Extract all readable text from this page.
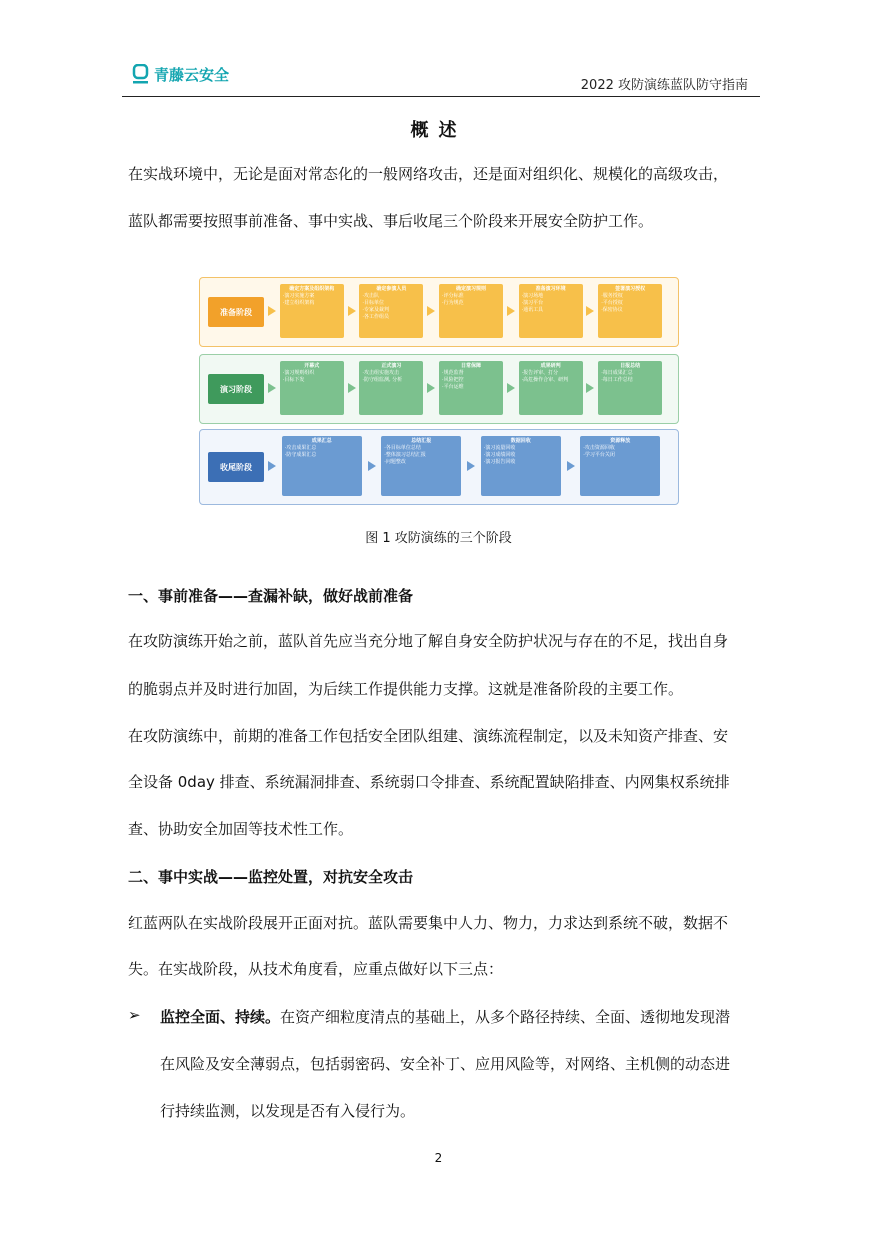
青藤云安全
2022 攻防演练蓝队防守指南
概述
在实战环境中，无论是面对常态化的一般网络攻击，还是面对组织化、规模化的高级攻击，
蓝队都需要按照事前准备、事中实战、事后收尾三个阶段来开展安全防护工作。
准备阶段
确定方案及组织架构
·演习实施方案
·建立组织架构
确定参演人员
·攻击队
·目标单位
·专家及裁判
·各工作组员
确定演习规则
·评分标准
·行为规范
准备演习环境
·演习场地
·演习平台
·通讯工具
签署演习授权
·服务授权
·平台授权
·保密协议
演习阶段
开幕式
·演习规则组织
·目标下发
正式演习
·攻击组实施攻击
·防守组监测, 分析
日常保障
·规范监督
·风险把控
·平台运维
成果研判
·报告评审、打分
·高危操作合审、研判
日报总结
·每日成果汇总
·每日工作总结
收尾阶段
成果汇总
·攻击成果汇总
·防守成果汇总
总结汇报
·各目标单位总结
·整体演习总结汇报
·问题整改
数据回收
·演习流量回收
·演习成绩回收
·演习报告回收
资源释放
·攻击资源回收
·学习平台关闭
图 1 攻防演练的三个阶段
一、事前准备——查漏补缺，做好战前准备
在攻防演练开始之前，蓝队首先应当充分地了解自身安全防护状况与存在的不足，找出自身
的脆弱点并及时进行加固，为后续工作提供能力支撑。这就是准备阶段的主要工作。
在攻防演练中，前期的准备工作包括安全团队组建、演练流程制定，以及未知资产排查、安
全设备 0day 排查、系统漏洞排查、系统弱口令排查、系统配置缺陷排查、内网集权系统排
查、协助安全加固等技术性工作。
二、事中实战——监控处置，对抗安全攻击
红蓝两队在实战阶段展开正面对抗。蓝队需要集中人力、物力，力求达到系统不破，数据不
失。在实战阶段，从技术角度看，应重点做好以下三点：
➢ 监控全面、持续。在资产细粒度清点的基础上，从多个路径持续、全面、透彻地发现潜
在风险及安全薄弱点，包括弱密码、安全补丁、应用风险等，对网络、主机侧的动态进
行持续监测，以发现是否有入侵行为。
2
